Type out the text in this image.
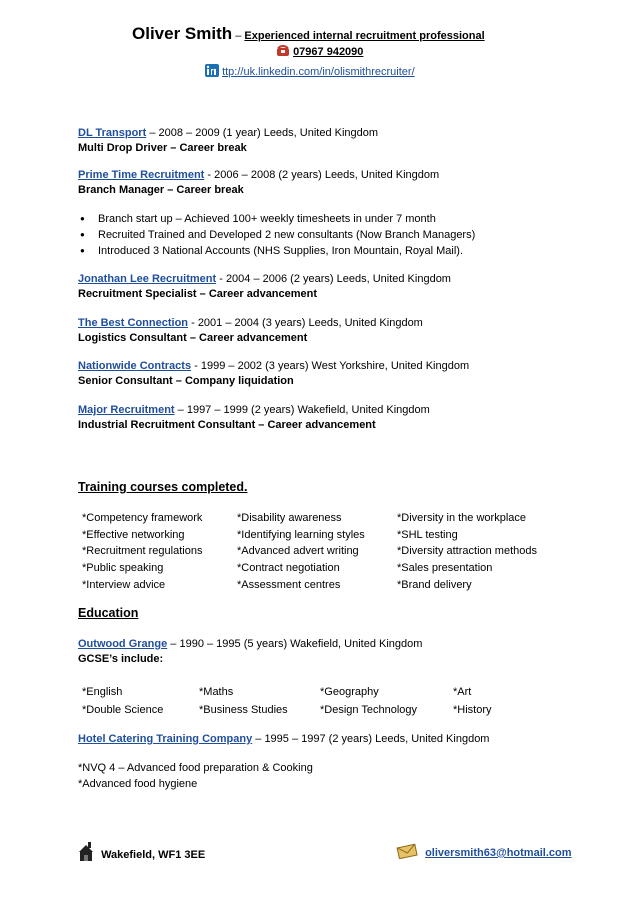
Oliver Smith – Experienced internal recruitment professional
07967 942090
ttp://uk.linkedin.com/in/olismithrecruiter/
DL Transport – 2008 – 2009 (1 year) Leeds, United Kingdom
Multi Drop Driver – Career break
Prime Time Recruitment - 2006 – 2008 (2 years) Leeds, United Kingdom
Branch Manager – Career break
● Branch start up – Achieved 100+ weekly timesheets in under 7 month
● Recruited Trained and Developed 2 new consultants (Now Branch Managers)
● Introduced 3 National Accounts (NHS Supplies, Iron Mountain, Royal Mail).
Jonathan Lee Recruitment - 2004 – 2006 (2 years) Leeds, United Kingdom
Recruitment Specialist – Career advancement
The Best Connection - 2001 – 2004 (3 years) Leeds, United Kingdom
Logistics Consultant – Career advancement
Nationwide Contracts - 1999 – 2002 (3 years) West Yorkshire, United Kingdom
Senior Consultant – Company liquidation
Major Recruitment – 1997 – 1999 (2 years) Wakefield, United Kingdom
Industrial Recruitment Consultant – Career advancement
Training courses completed.
*Competency framework	*Disability awareness	*Diversity in the workplace
*Effective networking	*Identifying learning styles	*SHL testing
*Recruitment regulations	*Advanced advert writing	*Diversity attraction methods
*Public speaking	*Contract negotiation	*Sales presentation
*Interview advice	*Assessment centres	*Brand delivery
Education
Outwood Grange – 1990 – 1995 (5 years) Wakefield, United Kingdom
GCSE’s include:
*English	*Maths	*Geography	*Art
*Double Science	*Business Studies	*Design Technology	*History
Hotel Catering Training Company – 1995 – 1997 (2 years) Leeds, United Kingdom
*NVQ 4 – Advanced food preparation & Cooking
*Advanced food hygiene
Wakefield, WF1 3EE	oliversmith63@hotmail.com
